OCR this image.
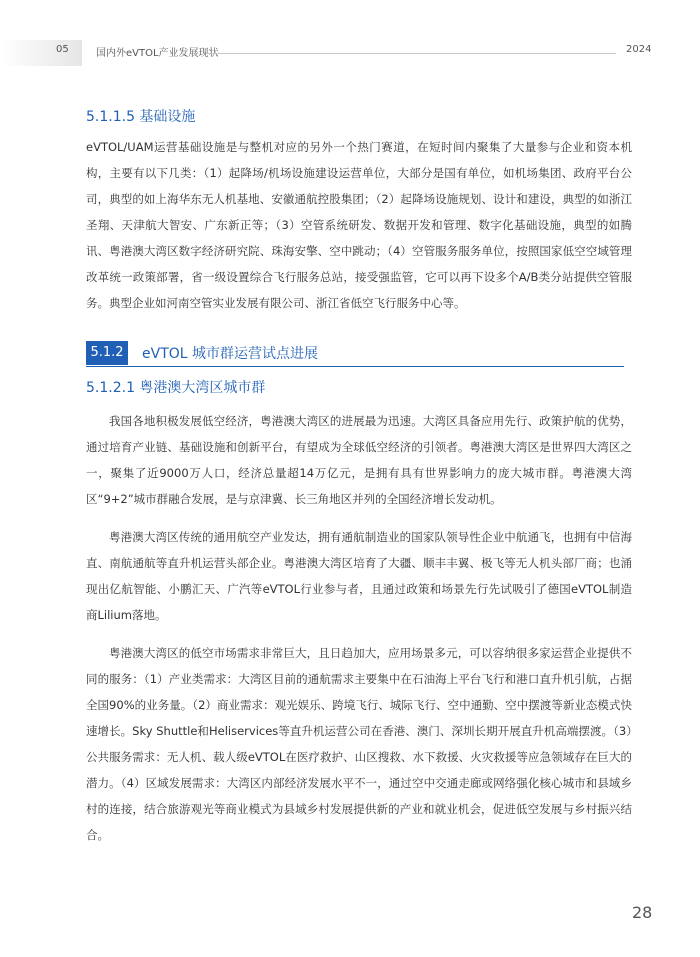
05	国内外eVTOL产业发展现状	2024
5.1.1.5 基础设施

eVTOL/UAM运营基础设施是与整机对应的另外一个热门赛道，在短时间内聚集了大量参与企业和资本机构，主要有以下几类：（1）起降场/机场设施建设运营单位，大部分是国有单位，如机场集团、政府平台公司，典型的如上海华东无人机基地、安徽通航控股集团；（2）起降场设施规划、设计和建设，典型的如浙江圣翔、天津航大智安、广东新正等；（3）空管系统研发、数据开发和管理、数字化基础设施，典型的如腾讯、粤港澳大湾区数字经济研究院、珠海安擎、空中跳动；（4）空管服务服务单位，按照国家低空空域管理改革统一政策部署，省一级设置综合飞行服务总站，接受强监管，它可以再下设多个A/B类分站提供空管服务。典型企业如河南空管实业发展有限公司、浙江省低空飞行服务中心等。

5.1.2	eVTOL 城市群运营试点进展
5.1.2.1 粤港澳大湾区城市群

我国各地积极发展低空经济，粤港澳大湾区的进展最为迅速。大湾区具备应用先行、政策护航的优势，通过培育产业链、基础设施和创新平台，有望成为全球低空经济的引领者。粤港澳大湾区是世界四大湾区之一，聚集了近9000万人口，经济总量超14万亿元，是拥有具有世界影响力的庞大城市群。粤港澳大湾区“9+2”城市群融合发展，是与京津冀、长三角地区并列的全国经济增长发动机。

粤港澳大湾区传统的通用航空产业发达，拥有通航制造业的国家队领导性企业中航通飞，也拥有中信海直、南航通航等直升机运营头部企业。粤港澳大湾区培育了大疆、顺丰丰翼、极飞等无人机头部厂商；也涌现出亿航智能、小鹏汇天、广汽等eVTOL行业参与者，且通过政策和场景先行先试吸引了德国eVTOL制造商Lilium落地。

粤港澳大湾区的低空市场需求非常巨大，且日趋加大，应用场景多元，可以容纳很多家运营企业提供不同的服务：（1）产业类需求：大湾区目前的通航需求主要集中在石油海上平台飞行和港口直升机引航，占据全国90%的业务量。（2）商业需求：观光娱乐、跨境飞行、城际飞行、空中通勤、空中摆渡等新业态模式快速增长。Sky Shuttle和Heliservices等直升机运营公司在香港、澳门、深圳长期开展直升机高端摆渡。（3）公共服务需求：无人机、载人级eVTOL在医疗救护、山区搜救、水下救援、火灾救援等应急领域存在巨大的潜力。（4）区域发展需求：大湾区内部经济发展水平不一，通过空中交通走廊或网络强化核心城市和县域乡村的连接，结合旅游观光等商业模式为县域乡村发展提供新的产业和就业机会，促进低空发展与乡村振兴结合。

28
